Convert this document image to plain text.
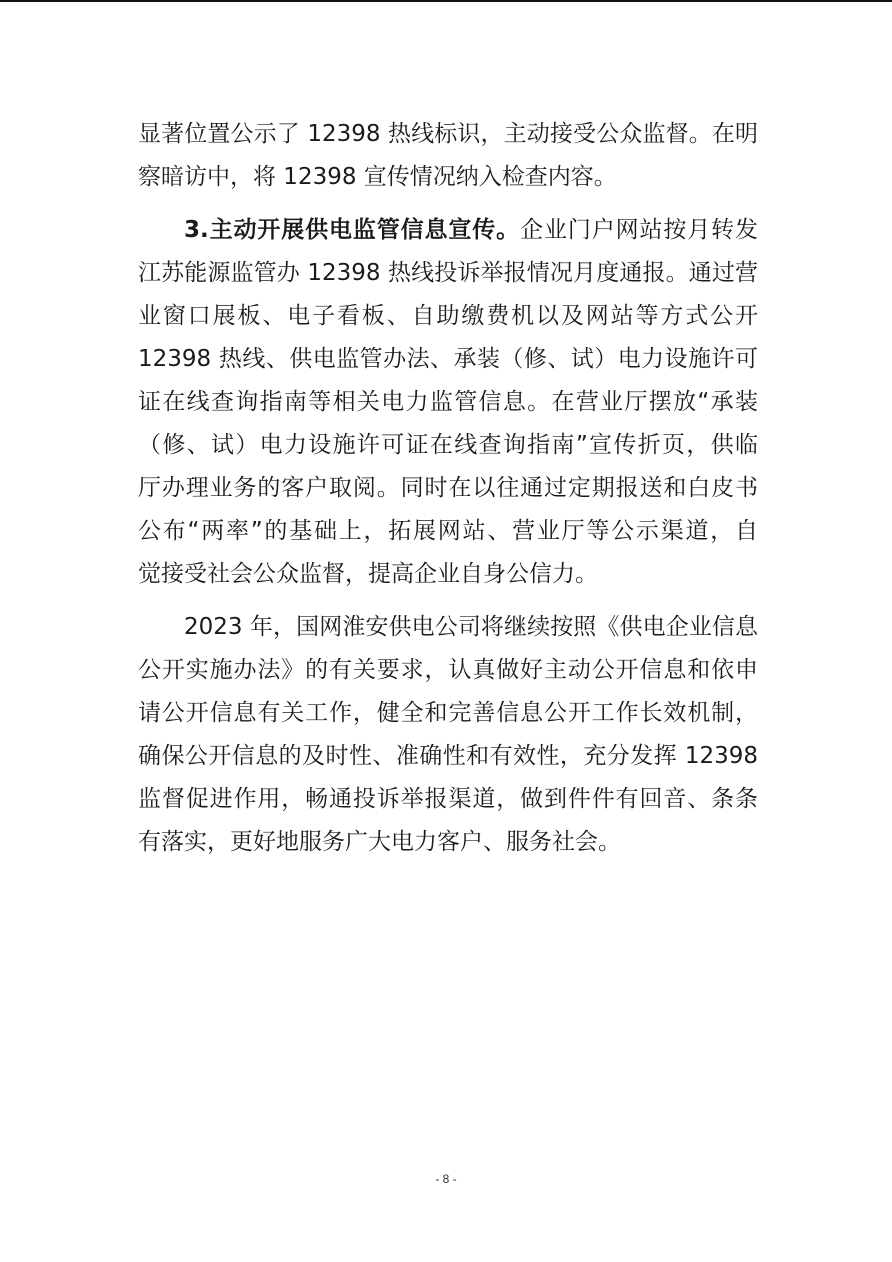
显著位置公示了 12398 热线标识，主动接受公众监督。在明
察暗访中，将 12398 宣传情况纳入检查内容。
3.主动开展供电监管信息宣传。企业门户网站按月转发
江苏能源监管办 12398 热线投诉举报情况月度通报。通过营
业窗口展板、电子看板、自助缴费机以及网站等方式公开
12398 热线、供电监管办法、承装（修、试）电力设施许可
证在线查询指南等相关电力监管信息。在营业厅摆放“承装
（修、试）电力设施许可证在线查询指南”宣传折页，供临
厅办理业务的客户取阅。同时在以往通过定期报送和白皮书
公布“两率”的基础上，拓展网站、营业厅等公示渠道，自
觉接受社会公众监督，提高企业自身公信力。
2023 年，国网淮安供电公司将继续按照《供电企业信息
公开实施办法》的有关要求，认真做好主动公开信息和依申
请公开信息有关工作，健全和完善信息公开工作长效机制，
确保公开信息的及时性、准确性和有效性，充分发挥 12398
监督促进作用，畅通投诉举报渠道，做到件件有回音、条条
有落实，更好地服务广大电力客户、服务社会。
- 8 -
